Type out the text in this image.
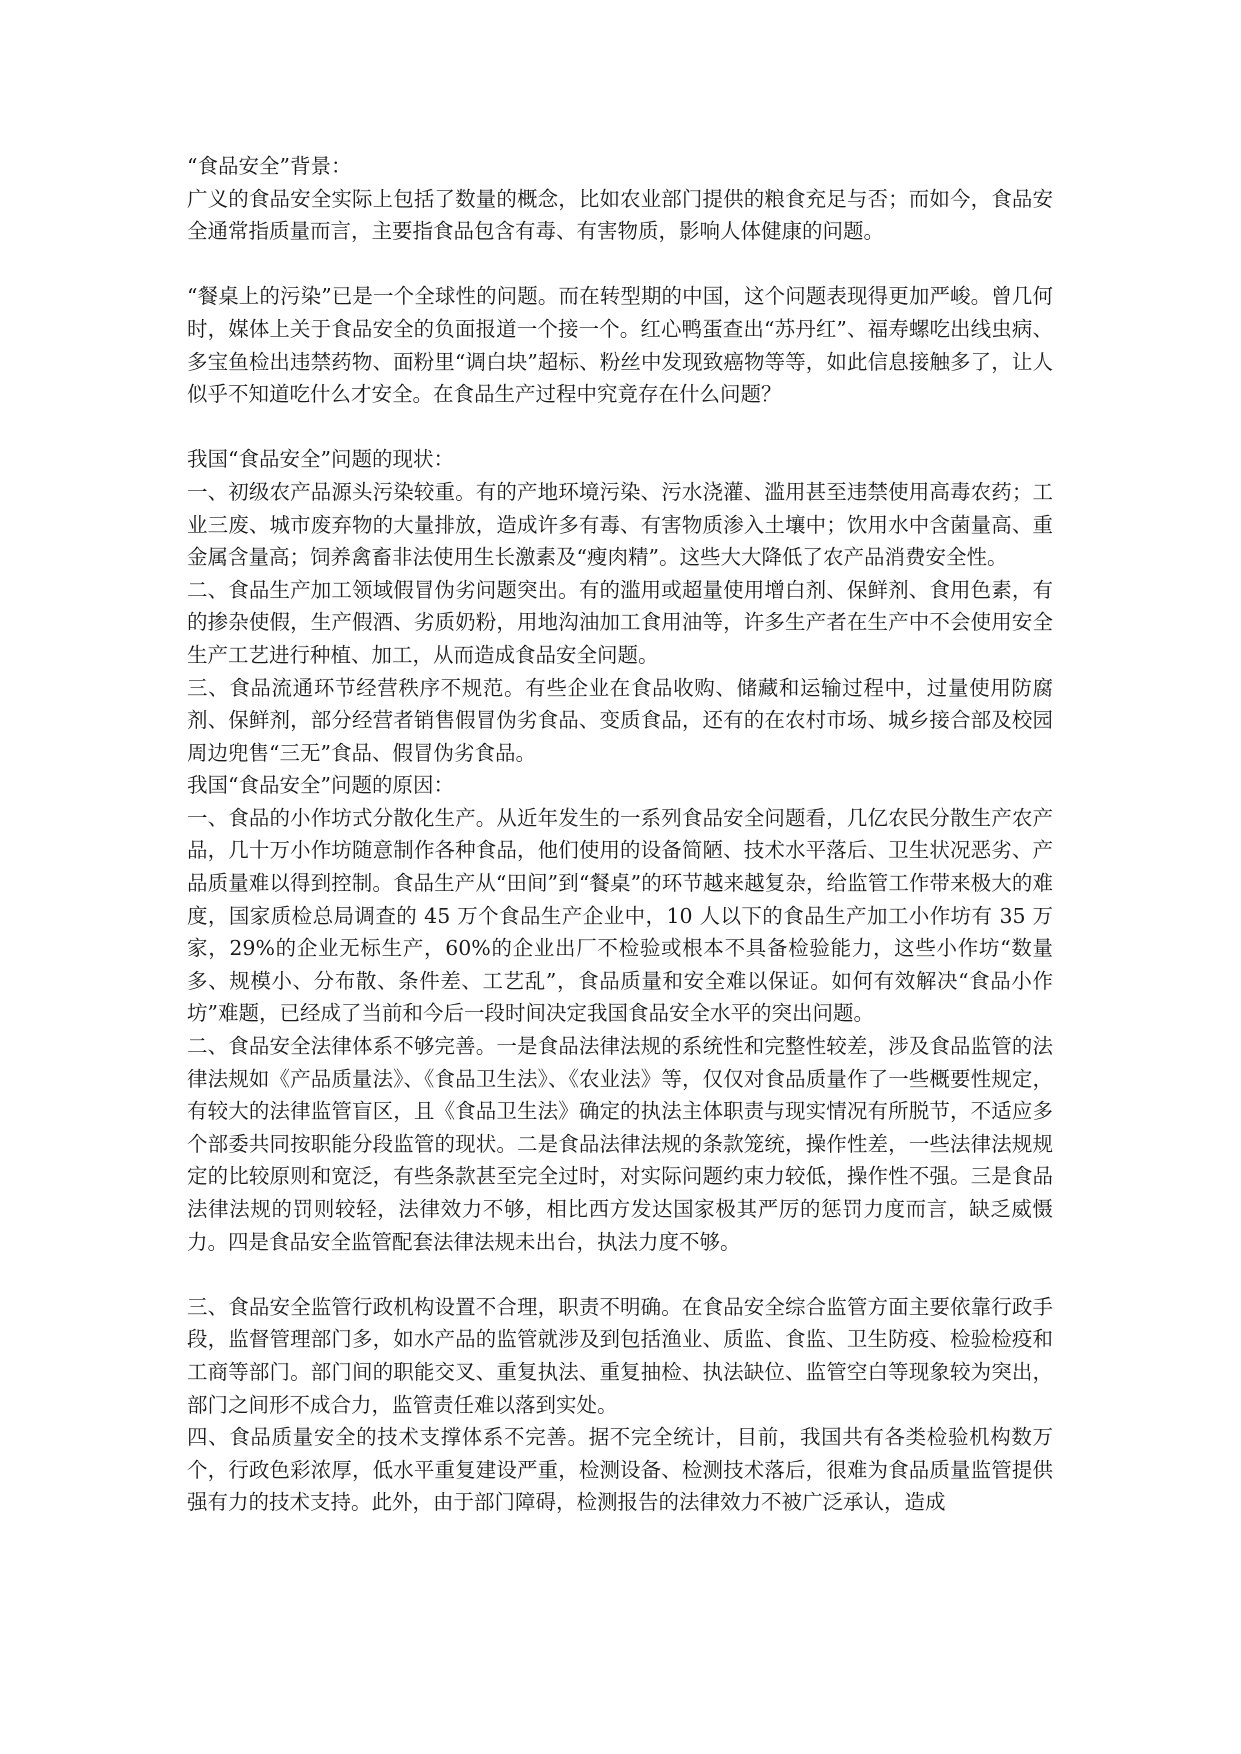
“食品安全”背景：

广义的食品安全实际上包括了数量的概念，比如农业部门提供的粮食充足与否；而如今，食品安全通常指质量而言，主要指食品包含有毒、有害物质，影响人体健康的问题。

“餐桌上的污染”已是一个全球性的问题。而在转型期的中国，这个问题表现得更加严峻。曾几何时，媒体上关于食品安全的负面报道一个接一个。红心鸭蛋查出“苏丹红”、福寿螺吃出线虫病、多宝鱼检出违禁药物、面粉里“调白块”超标、粉丝中发现致癌物等等，如此信息接触多了，让人似乎不知道吃什么才安全。在食品生产过程中究竟存在什么问题？

我国“食品安全”问题的现状：

一、初级农产品源头污染较重。有的产地环境污染、污水浇灌、滥用甚至违禁使用高毒农药；工业三废、城市废弃物的大量排放，造成许多有毒、有害物质渗入土壤中；饮用水中含菌量高、重金属含量高；饲养禽畜非法使用生长激素及“瘦肉精”。这些大大降低了农产品消费安全性。

二、食品生产加工领域假冒伪劣问题突出。有的滥用或超量使用增白剂、保鲜剂、食用色素，有的掺杂使假，生产假酒、劣质奶粉，用地沟油加工食用油等，许多生产者在生产中不会使用安全生产工艺进行种植、加工，从而造成食品安全问题。

三、食品流通环节经营秩序不规范。有些企业在食品收购、储藏和运输过程中，过量使用防腐剂、保鲜剂，部分经营者销售假冒伪劣食品、变质食品，还有的在农村市场、城乡接合部及校园周边兜售“三无”食品、假冒伪劣食品。

我国“食品安全”问题的原因：

一、食品的小作坊式分散化生产。从近年发生的一系列食品安全问题看，几亿农民分散生产农产品，几十万小作坊随意制作各种食品，他们使用的设备简陋、技术水平落后、卫生状况恶劣、产品质量难以得到控制。食品生产从“田间”到“餐桌”的环节越来越复杂，给监管工作带来极大的难度，国家质检总局调查的 45 万个食品生产企业中，10 人以下的食品生产加工小作坊有 35 万家，29%的企业无标生产，60%的企业出厂不检验或根本不具备检验能力，这些小作坊“数量多、规模小、分布散、条件差、工艺乱”，食品质量和安全难以保证。如何有效解决“食品小作坊”难题，已经成了当前和今后一段时间决定我国食品安全水平的突出问题。

二、食品安全法律体系不够完善。一是食品法律法规的系统性和完整性较差，涉及食品监管的法律法规如《产品质量法》、《食品卫生法》、《农业法》等，仅仅对食品质量作了一些概要性规定，有较大的法律监管盲区，且《食品卫生法》确定的执法主体职责与现实情况有所脱节，不适应多个部委共同按职能分段监管的现状。二是食品法律法规的条款笼统，操作性差，一些法律法规规定的比较原则和宽泛，有些条款甚至完全过时，对实际问题约束力较低，操作性不强。三是食品法律法规的罚则较轻，法律效力不够，相比西方发达国家极其严厉的惩罚力度而言，缺乏威慑力。四是食品安全监管配套法律法规未出台，执法力度不够。

三、食品安全监管行政机构设置不合理，职责不明确。在食品安全综合监管方面主要依靠行政手段，监督管理部门多，如水产品的监管就涉及到包括渔业、质监、食监、卫生防疫、检验检疫和工商等部门。部门间的职能交叉、重复执法、重复抽检、执法缺位、监管空白等现象较为突出，部门之间形不成合力，监管责任难以落到实处。

四、食品质量安全的技术支撑体系不完善。据不完全统计，目前，我国共有各类检验机构数万个，行政色彩浓厚，低水平重复建设严重，检测设备、检测技术落后，很难为食品质量监管提供强有力的技术支持。此外，由于部门障碍，检测报告的法律效力不被广泛承认，造成
